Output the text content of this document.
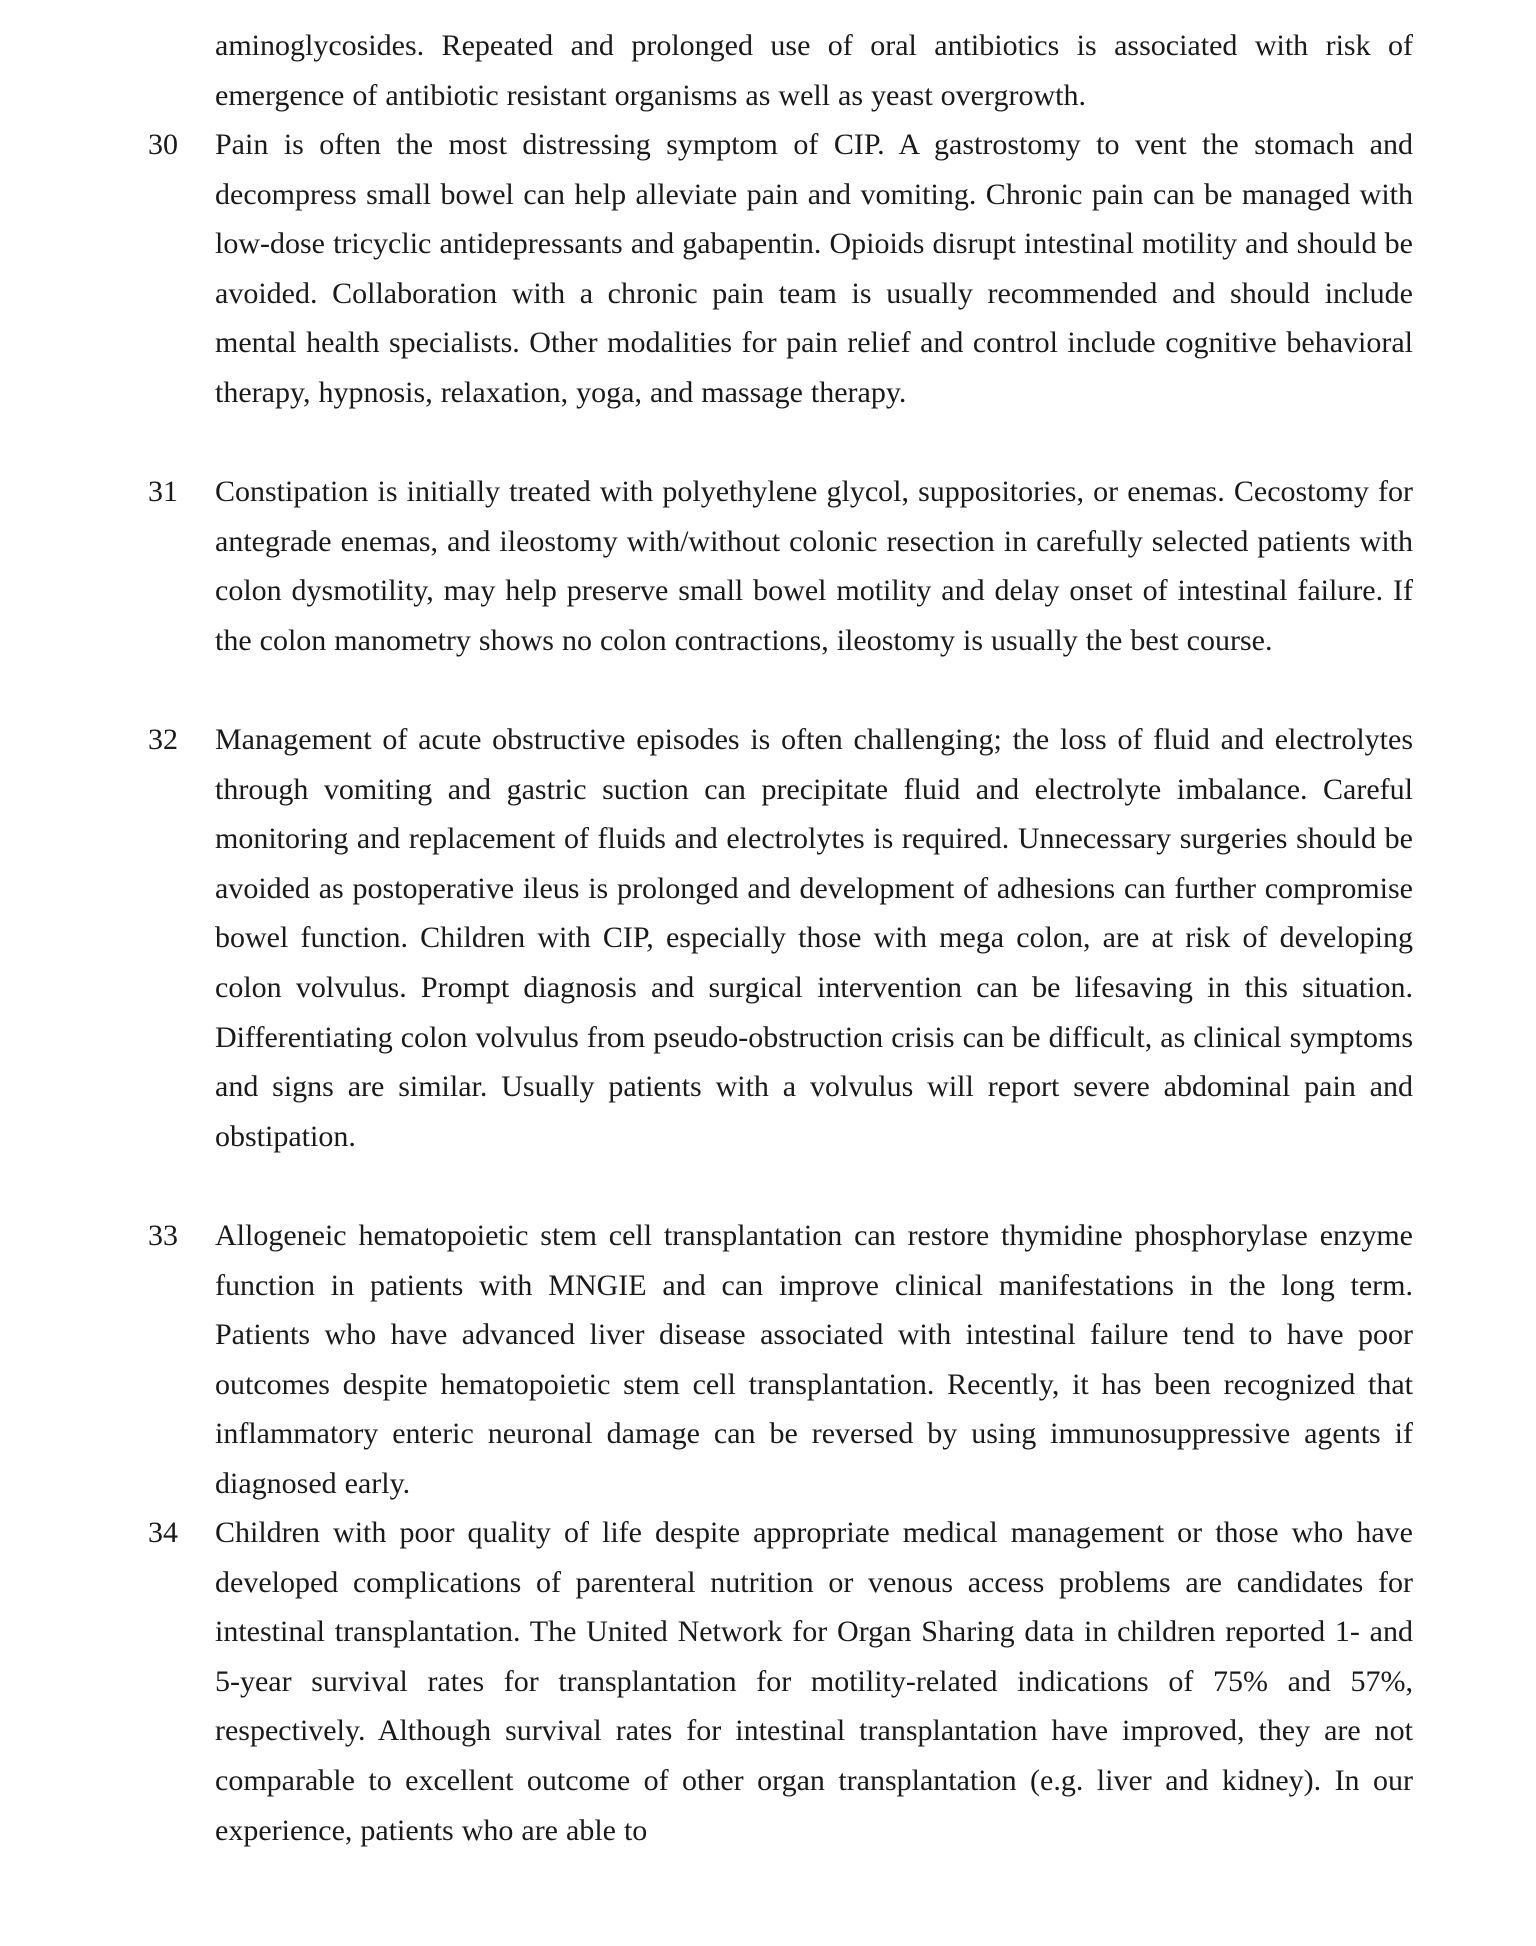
aminoglycosides. Repeated and prolonged use of oral antibiotics is associated with risk of emergence of antibiotic resistant organisms as well as yeast overgrowth.
30 Pain is often the most distressing symptom of CIP. A gastrostomy to vent the stomach and decompress small bowel can help alleviate pain and vomiting. Chronic pain can be managed with low-dose tricyclic antidepressants and gabapentin. Opioids disrupt intestinal motility and should be avoided. Collaboration with a chronic pain team is usually recommended and should include mental health specialists. Other modalities for pain relief and control include cognitive behavioral therapy, hypnosis, relaxation, yoga, and massage therapy.
31 Constipation is initially treated with polyethylene glycol, suppositories, or enemas. Cecostomy for antegrade enemas, and ileostomy with/without colonic resection in carefully selected patients with colon dysmotility, may help preserve small bowel motility and delay onset of intestinal failure. If the colon manometry shows no colon contractions, ileostomy is usually the best course.
32 Management of acute obstructive episodes is often challenging; the loss of fluid and electrolytes through vomiting and gastric suction can precipitate fluid and electrolyte imbalance. Careful monitoring and replacement of fluids and electrolytes is required. Unnecessary surgeries should be avoided as postoperative ileus is prolonged and development of adhesions can further compromise bowel function. Children with CIP, especially those with mega colon, are at risk of developing colon volvulus. Prompt diagnosis and surgical intervention can be lifesaving in this situation. Differentiating colon volvulus from pseudo-obstruction crisis can be difficult, as clinical symptoms and signs are similar. Usually patients with a volvulus will report severe abdominal pain and obstipation.
33 Allogeneic hematopoietic stem cell transplantation can restore thymidine phosphorylase enzyme function in patients with MNGIE and can improve clinical manifestations in the long term. Patients who have advanced liver disease associated with intestinal failure tend to have poor outcomes despite hematopoietic stem cell transplantation. Recently, it has been recognized that inflammatory enteric neuronal damage can be reversed by using immunosuppressive agents if diagnosed early.
34 Children with poor quality of life despite appropriate medical management or those who have developed complications of parenteral nutrition or venous access problems are candidates for intestinal transplantation. The United Network for Organ Sharing data in children reported 1- and 5-year survival rates for transplantation for motility-related indications of 75% and 57%, respectively. Although survival rates for intestinal transplantation have improved, they are not comparable to excellent outcome of other organ transplantation (e.g. liver and kidney). In our experience, patients who are able to
